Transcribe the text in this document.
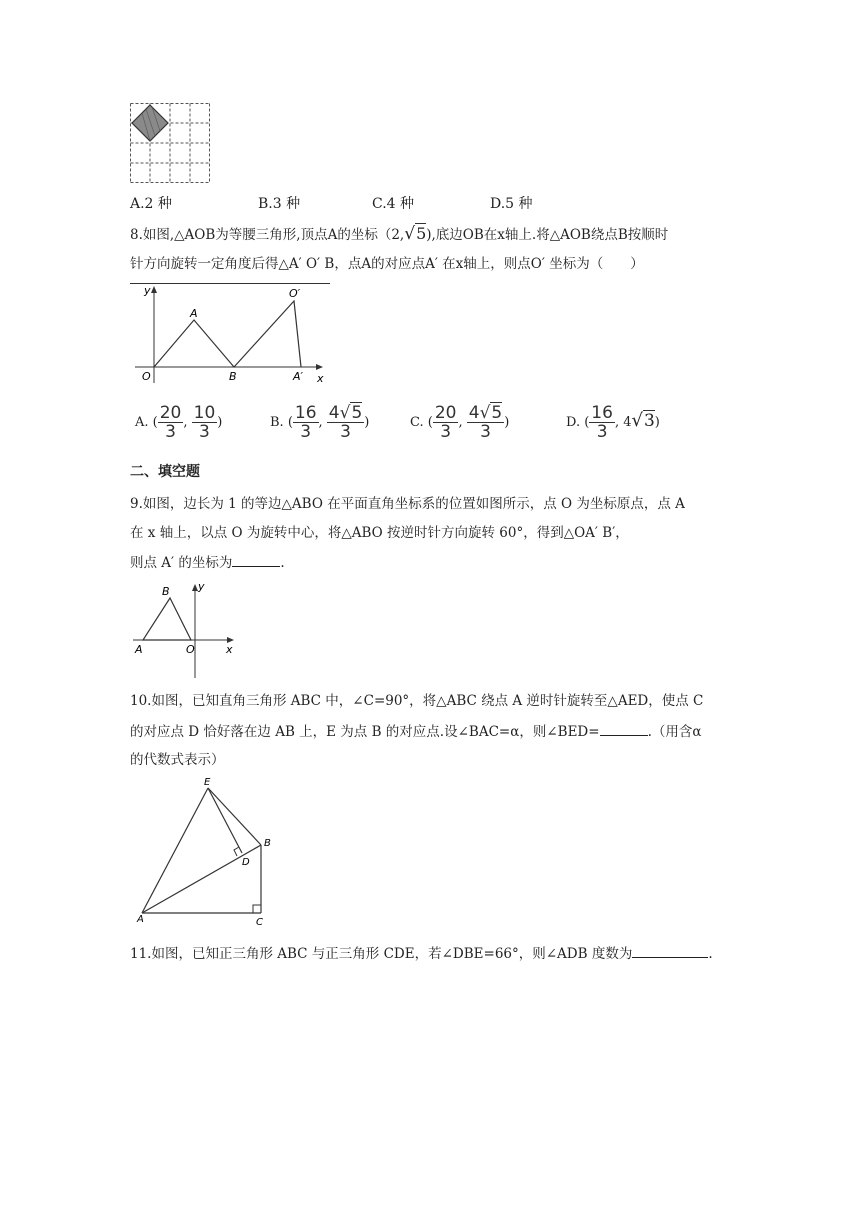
A.2 种	B.3 种	C.4 种	D.5 种
8.如图,△AOB为等腰三角形,顶点A的坐标（2,√5),底边OB在x轴上.将△AOB绕点B按顺时
针方向旋转一定角度后得△A′ O′ B，点A的对应点A′ 在x轴上，则点O′ 坐标为（　　）
y
A
O′
O	B	A′ x
A. ( $\frac{20}{3}$ , $\frac{10}{3}$ )	B. ( $\frac{16}{3}$ , $\frac{4√5}{3}$ )	C. ( $\frac{20}{3}$ , $\frac{4√5}{3}$ )	D. ( $\frac{16}{3}$ , 4√3)
二、填空题
9.如图，边长为 1 的等边△ABO 在平面直角坐标系的位置如图所示，点 O 为坐标原点，点 A
在 x 轴上，以点 O 为旋转中心，将△ABO 按逆时针方向旋转 60°，得到△OA′ B′，
则点 A′ 的坐标为	.
B	y
A	O	x
10.如图，已知直角三角形 ABC 中，∠C=90°，将△ABC 绕点 A 逆时针旋转至△AED，使点 C
的对应点 D 恰好落在边 AB 上，E 为点 B 的对应点.设∠BAC=α，则∠BED=	.（用含α
的代数式表示）
E
B
D
A	C
11.如图，已知正三角形 ABC 与正三角形 CDE，若∠DBE=66°，则∠ADB 度数为	.
